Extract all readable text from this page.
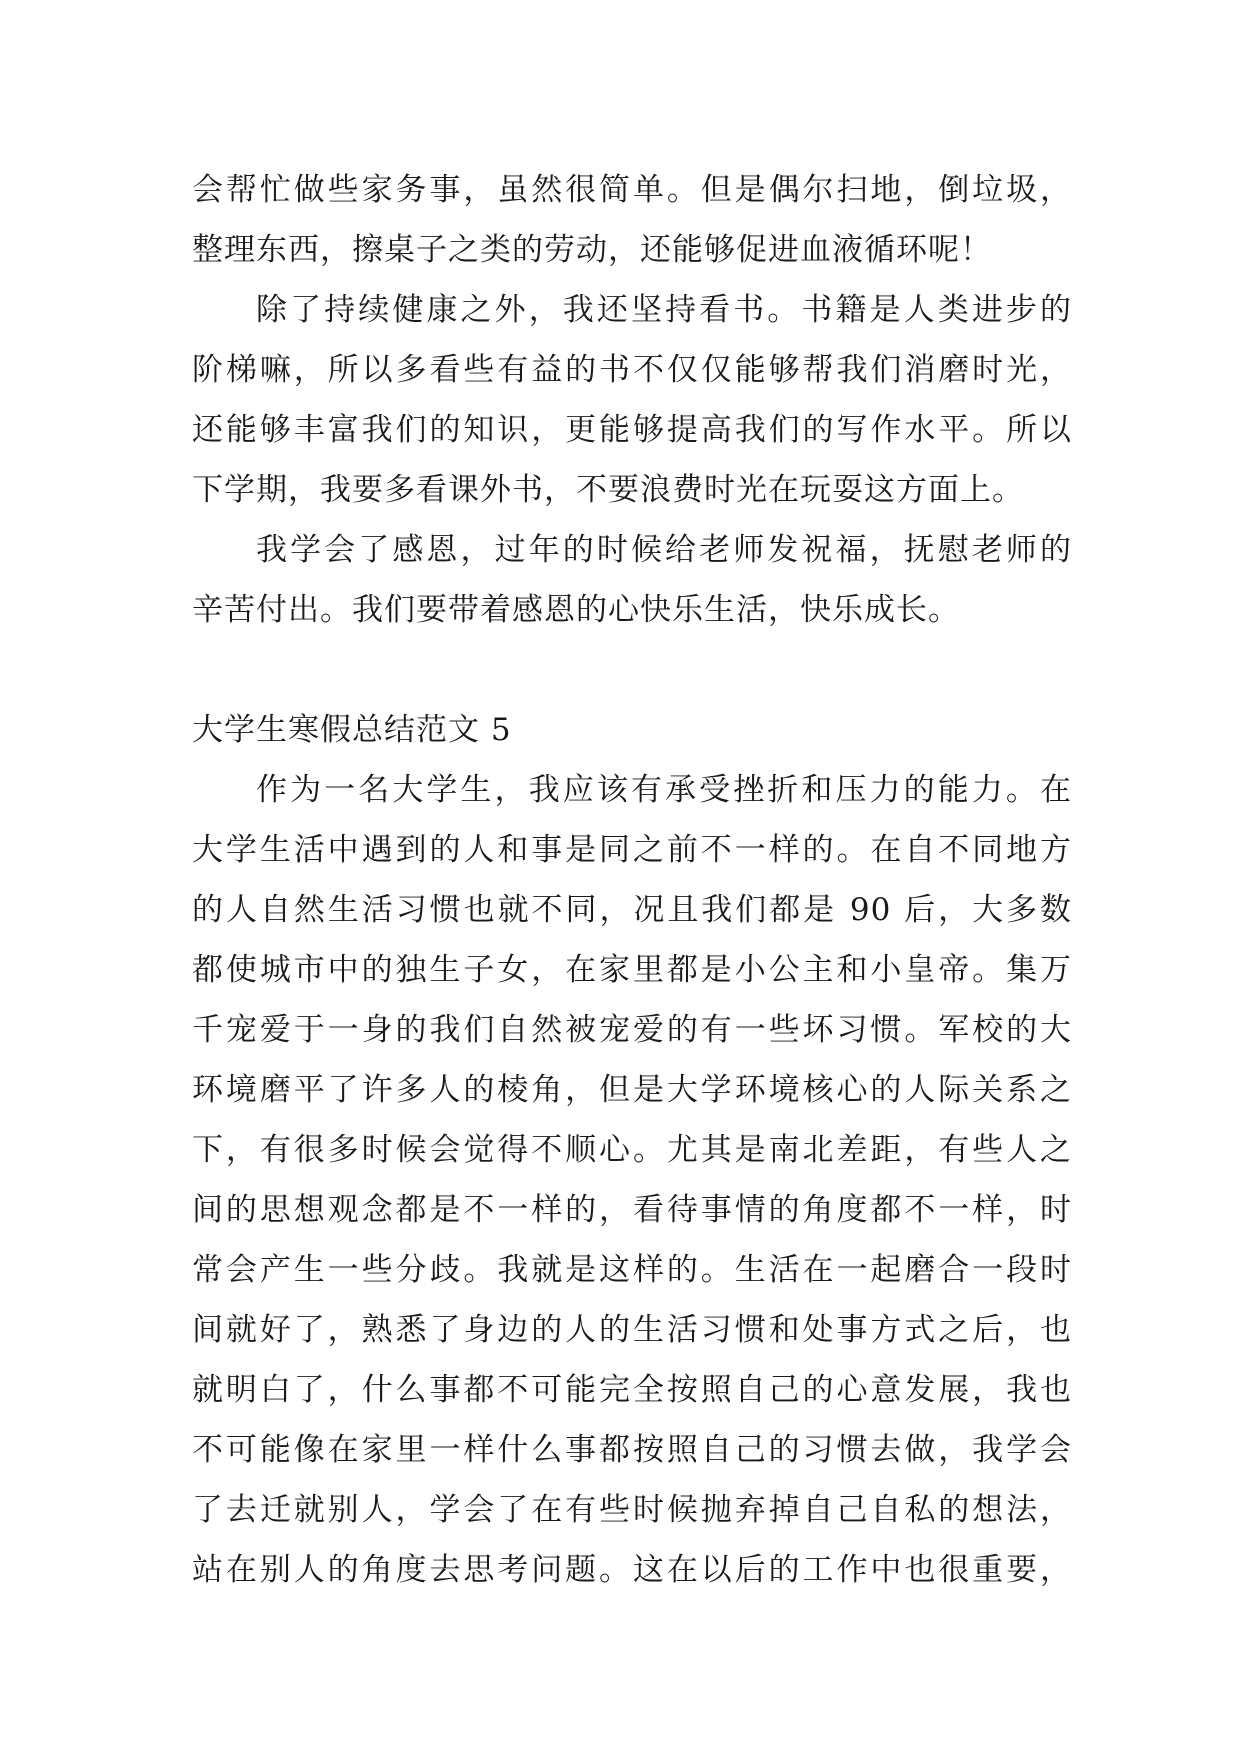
会帮忙做些家务事，虽然很简单。但是偶尔扫地，倒垃圾，
整理东西，擦桌子之类的劳动，还能够促进血液循环呢！
除了持续健康之外，我还坚持看书。书籍是人类进步的
阶梯嘛，所以多看些有益的书不仅仅能够帮我们消磨时光，
还能够丰富我们的知识，更能够提高我们的写作水平。所以
下学期，我要多看课外书，不要浪费时光在玩耍这方面上。
我学会了感恩，过年的时候给老师发祝福，抚慰老师的
辛苦付出。我们要带着感恩的心快乐生活，快乐成长。
大学生寒假总结范文 5
作为一名大学生，我应该有承受挫折和压力的能力。在
大学生活中遇到的人和事是同之前不一样的。在自不同地方
的人自然生活习惯也就不同，况且我们都是 90 后，大多数
都使城市中的独生子女，在家里都是小公主和小皇帝。集万
千宠爱于一身的我们自然被宠爱的有一些坏习惯。军校的大
环境磨平了许多人的棱角，但是大学环境核心的人际关系之
下，有很多时候会觉得不顺心。尤其是南北差距，有些人之
间的思想观念都是不一样的，看待事情的角度都不一样，时
常会产生一些分歧。我就是这样的。生活在一起磨合一段时
间就好了，熟悉了身边的人的生活习惯和处事方式之后，也
就明白了，什么事都不可能完全按照自己的心意发展，我也
不可能像在家里一样什么事都按照自己的习惯去做，我学会
了去迁就别人，学会了在有些时候抛弃掉自己自私的想法，
站在别人的角度去思考问题。这在以后的工作中也很重要，
